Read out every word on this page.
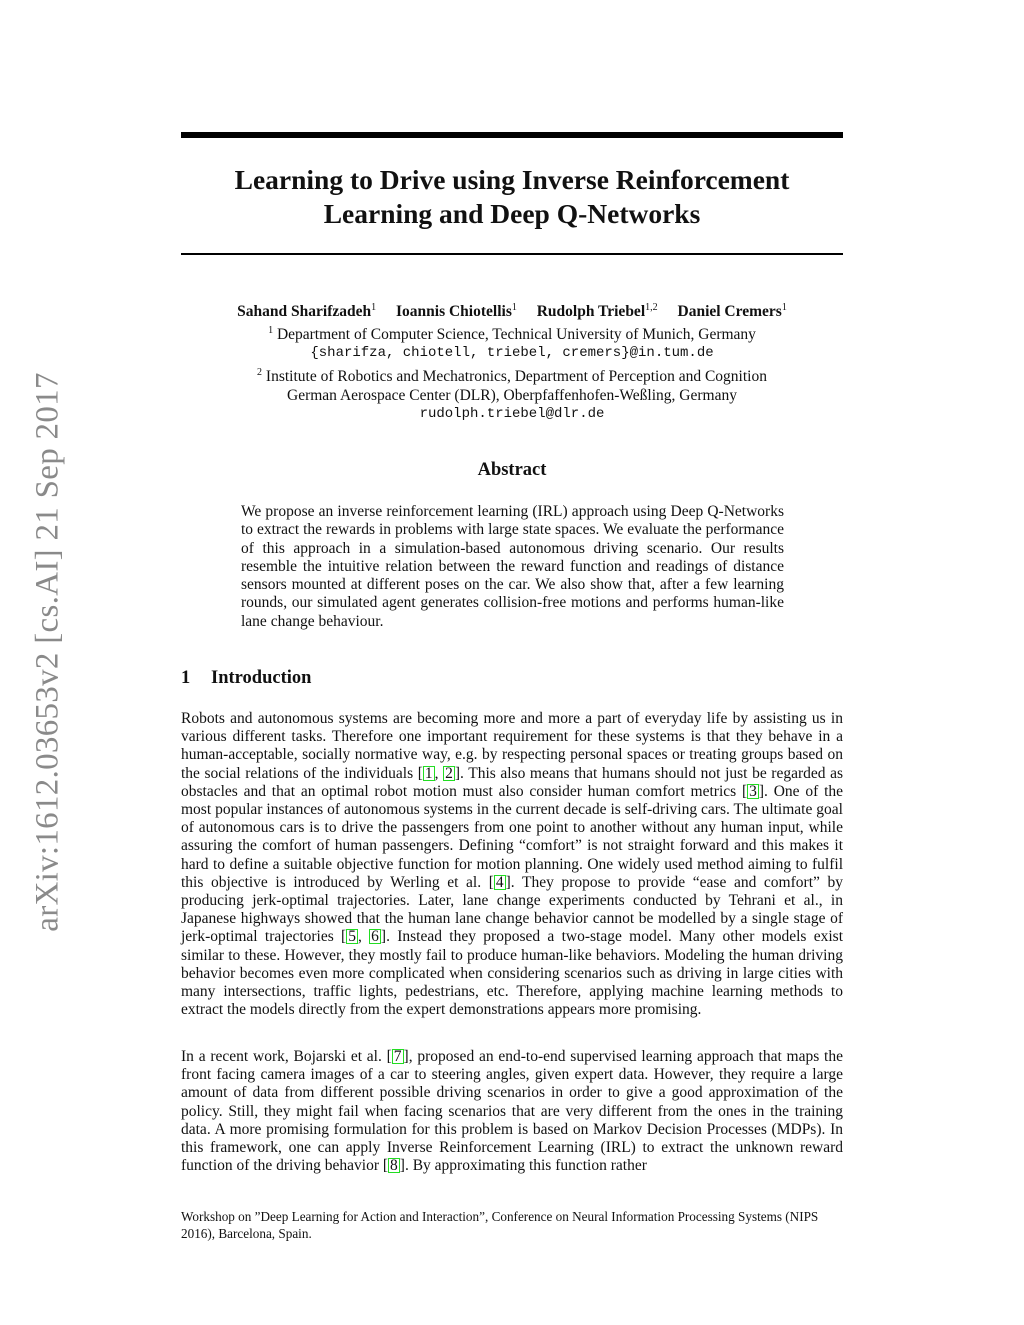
arXiv:1612.03653v2 [cs.AI] 21 Sep 2017
Learning to Drive using Inverse Reinforcement
Learning and Deep Q-Networks
Sahand Sharifzadeh$^1$ Ioannis Chiotellis$^1$ Rudolph Triebel$^{1,2}$ Daniel Cremers$^1$
$^1$ Department of Computer Science, Technical University of Munich, Germany
{sharifza, chiotell, triebel, cremers}@in.tum.de
$^2$ Institute of Robotics and Mechatronics, Department of Perception and Cognition
German Aerospace Center (DLR), Oberpfaffenhofen-Weßling, Germany
rudolph.triebel@dlr.de
Abstract

We propose an inverse reinforcement learning (IRL) approach using Deep Q-Networks to extract the rewards in problems with large state spaces. We evaluate the performance of this approach in a simulation-based autonomous driving scenario. Our results resemble the intuitive relation between the reward function and readings of distance sensors mounted at different poses on the car. We also show that, after a few learning rounds, our simulated agent generates collision-free motions and performs human-like lane change behaviour.

1 Introduction

Robots and autonomous systems are becoming more and more a part of everyday life by assisting us in various different tasks. Therefore one important requirement for these systems is that they behave in a human-acceptable, socially normative way, e.g. by respecting personal spaces or treating groups based on the social relations of the individuals [ 1 , 2 ]. This also means that humans should not just be regarded as obstacles and that an optimal robot motion must also consider human comfort metrics [ 3 ]. One of the most popular instances of autonomous systems in the current decade is self-driving cars. The ultimate goal of autonomous cars is to drive the passengers from one point to another without any human input, while assuring the comfort of human passengers. Defining “comfort” is not straight forward and this makes it hard to define a suitable objective function for motion planning. One widely used method aiming to fulfil this objective is introduced by Werling et al. [ 4 ]. They propose to provide “ease and comfort” by producing jerk-optimal trajectories. Later, lane change experiments conducted by Tehrani et al., in Japanese highways showed that the human lane change behavior cannot be modelled by a single stage of jerk-optimal trajectories [ 5 , 6 ]. Instead they proposed a two-stage model. Many other models exist similar to these. However, they mostly fail to produce human-like behaviors. Modeling the human driving behavior becomes even more complicated when considering scenarios such as driving in large cities with many intersections, traffic lights, pedestrians, etc. Therefore, applying machine learning methods to extract the models directly from the expert demonstrations appears more promising.

In a recent work, Bojarski et al. [ 7 ], proposed an end-to-end supervised learning approach that maps the front facing camera images of a car to steering angles, given expert data. However, they require a large amount of data from different possible driving scenarios in order to give a good approximation of the policy. Still, they might fail when facing scenarios that are very different from the ones in the training data. A more promising formulation for this problem is based on Markov Decision Processes (MDPs). In this framework, one can apply Inverse Reinforcement Learning (IRL) to extract the unknown reward function of the driving behavior [ 8 ]. By approximating this function rather

Workshop on ”Deep Learning for Action and Interaction”, Conference on Neural Information Processing Systems (NIPS 2016), Barcelona, Spain.
